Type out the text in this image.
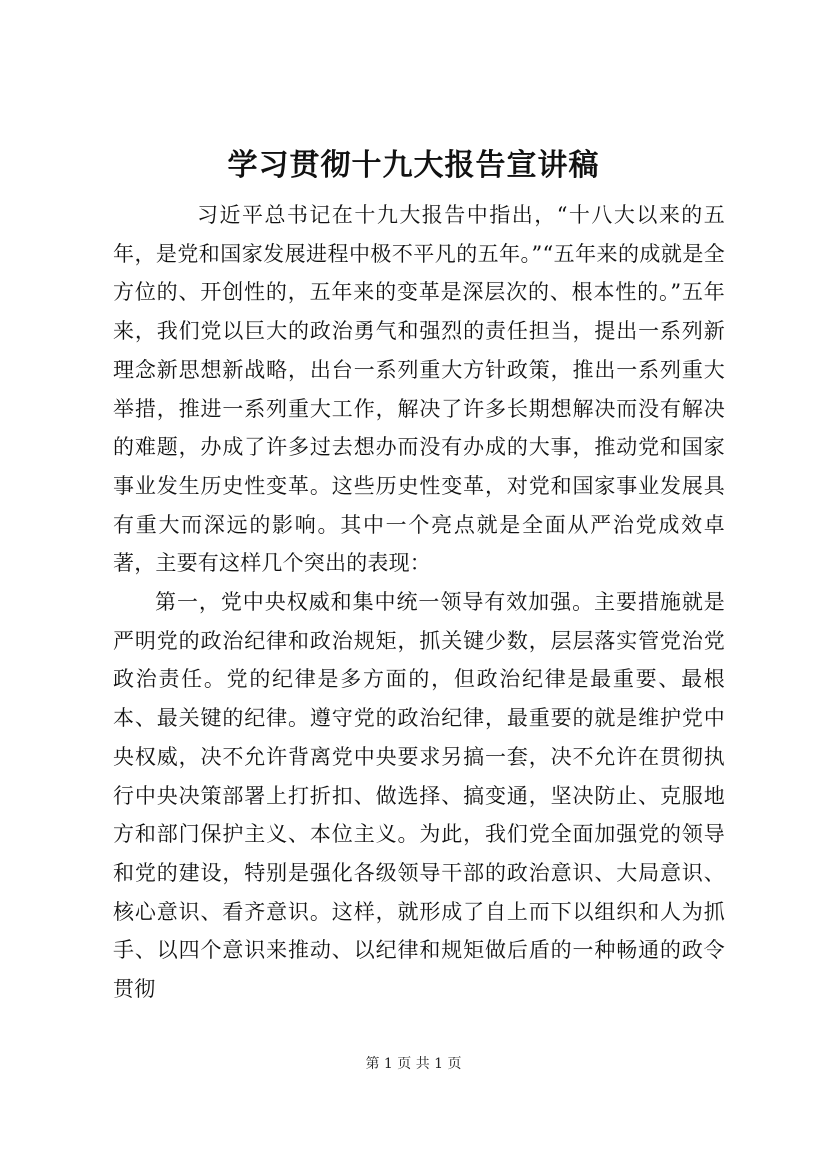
学习贯彻十九大报告宣讲稿

习近平总书记在十九大报告中指出，“十八大以来的五年，是党和国家发展进程中极不平凡的五年。”“五年来的成就是全方位的、开创性的，五年来的变革是深层次的、根本性的。”五年来，我们党以巨大的政治勇气和强烈的责任担当，提出一系列新理念新思想新战略，出台一系列重大方针政策，推出一系列重大举措，推进一系列重大工作，解决了许多长期想解决而没有解决的难题，办成了许多过去想办而没有办成的大事，推动党和国家事业发生历史性变革。这些历史性变革，对党和国家事业发展具有重大而深远的影响。其中一个亮点就是全面从严治党成效卓著，主要有这样几个突出的表现：

第一，党中央权威和集中统一领导有效加强。主要措施就是严明党的政治纪律和政治规矩，抓关键少数，层层落实管党治党政治责任。党的纪律是多方面的，但政治纪律是最重要、最根本、最关键的纪律。遵守党的政治纪律，最重要的就是维护党中央权威，决不允许背离党中央要求另搞一套，决不允许在贯彻执行中央决策部署上打折扣、做选择、搞变通，坚决防止、克服地方和部门保护主义、本位主义。为此，我们党全面加强党的领导和党的建设，特别是强化各级领导干部的政治意识、大局意识、核心意识、看齐意识。这样，就形成了自上而下以组织和人为抓手、以四个意识来推动、以纪律和规矩做后盾的一种畅通的政令贯彻

第 1 页 共 1 页
